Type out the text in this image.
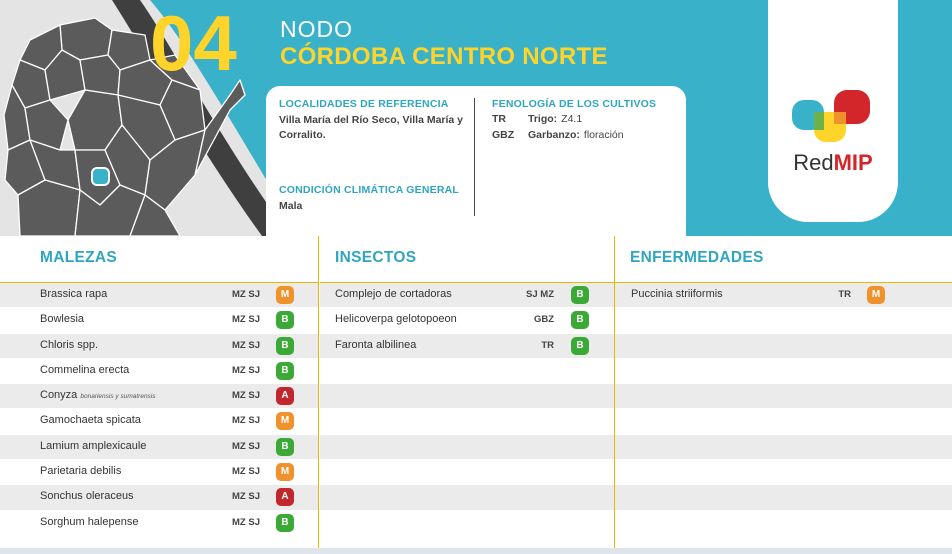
04 NODO
CÓRDOBA CENTRO NORTE
LOCALIDADES DE REFERENCIA
Villa María del Río Seco, Villa María y Corralito.
CONDICIÓN CLIMÁTICA GENERAL
Mala
FENOLOGÍA DE LOS CULTIVOS
TR	Trigo: Z4.1
GBZ	Garbanzo: floración
RedMIP
MALEZAS
Brassica rapa	MZ SJ	M
Bowlesia	MZ SJ	B
Chloris spp.	MZ SJ	B
Commelina erecta	MZ SJ	B
Conyza bonariensis y sumatrensis	MZ SJ	A
Gamochaeta spicata	MZ SJ	M
Lamium amplexicaule	MZ SJ	B
Parietaria debilis	MZ SJ	M
Sonchus oleraceus	MZ SJ	A
Sorghum halepense	MZ SJ	B
INSECTOS
Complejo de cortadoras	SJ MZ	B
Helicoverpa gelotopoeon	GBZ	B
Faronta albilinea	TR	B
ENFERMEDADES
Puccinia striiformis	TR	M
